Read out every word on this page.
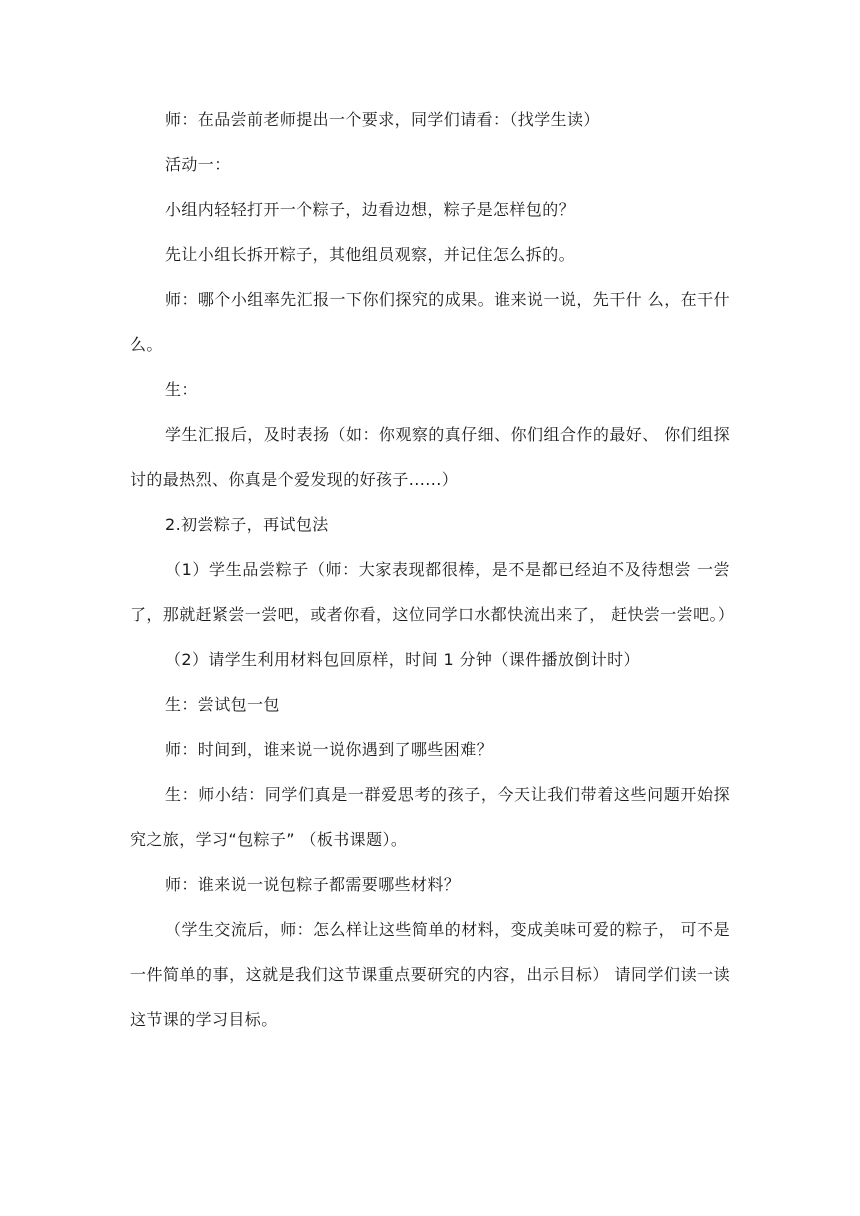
师：在品尝前老师提出一个要求，同学们请看：（找学生读）

活动一：

小组内轻轻打开一个粽子，边看边想，粽子是怎样包的？

先让小组长拆开粽子，其他组员观察，并记住怎么拆的。

师：哪个小组率先汇报一下你们探究的成果。谁来说一说，先干什 么，在干什么。

生：

学生汇报后，及时表扬（如：你观察的真仔细、你们组合作的最好、 你们组探讨的最热烈、你真是个爱发现的好孩子......）

2.初尝粽子，再试包法

（1）学生品尝粽子（师：大家表现都很棒，是不是都已经迫不及待想尝 一尝了，那就赶紧尝一尝吧，或者你看，这位同学口水都快流出来了， 赶快尝一尝吧。）

（2）请学生利用材料包回原样，时间 1 分钟（课件播放倒计时）

生：尝试包一包

师：时间到，谁来说一说你遇到了哪些困难？

生：师小结：同学们真是一群爱思考的孩子，今天让我们带着这些问题开始探究之旅，学习“包粽子” （板书课题）。

师：谁来说一说包粽子都需要哪些材料？

（学生交流后，师：怎么样让这些简单的材料，变成美味可爱的粽子， 可不是一件简单的事，这就是我们这节课重点要研究的内容，出示目标） 请同学们读一读这节课的学习目标。
